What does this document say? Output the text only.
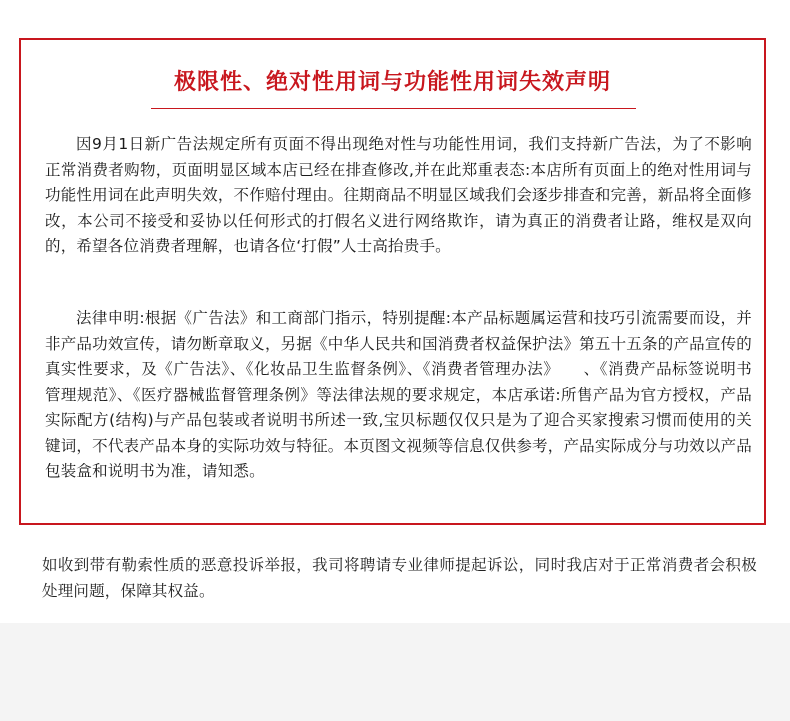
极限性、绝对性用词与功能性用词失效声明

因9月1日新广告法规定所有页面不得出现绝对性与功能性用词，我们支持新广告法，为了不影响正常消费者购物，页面明显区域本店已经在排查修改,并在此郑重表态:本店所有页面上的绝对性用词与功能性用词在此声明失效，不作赔付理由。往期商品不明显区域我们会逐步排查和完善，新品将全面修改，本公司不接受和妥协以任何形式的打假名义进行网络欺诈，请为真正的消费者让路，维权是双向的，希望各位消费者理解，也请各位‘打假”人士高抬贵手。

法律申明:根据《广告法》和工商部门指示，特别提醒:本产品标题属运营和技巧引流需要而设，并非产品功效宣传，请勿断章取义，另据《中华人民共和国消费者权益保护法》第五十五条的产品宣传的真实性要求，及《广告法》、《化妆品卫生监督条例》、《消费者管理办法》　　、《消费产品标签说明书管理规范》、《医疗器械监督管理条例》等法律法规的要求规定，本店承诺:所售产品为官方授权，产品实际配方(结构)与产品包装或者说明书所述一致,宝贝标题仅仅只是为了迎合买家搜索习惯而使用的关键词，不代表产品本身的实际功效与特征。本页图文视频等信息仅供参考，产品实际成分与功效以产品包装盒和说明书为准，请知悉。

如收到带有勒索性质的恶意投诉举报，我司将聘请专业律师提起诉讼，同时我店对于正常消费者会积极处理问题，保障其权益。
